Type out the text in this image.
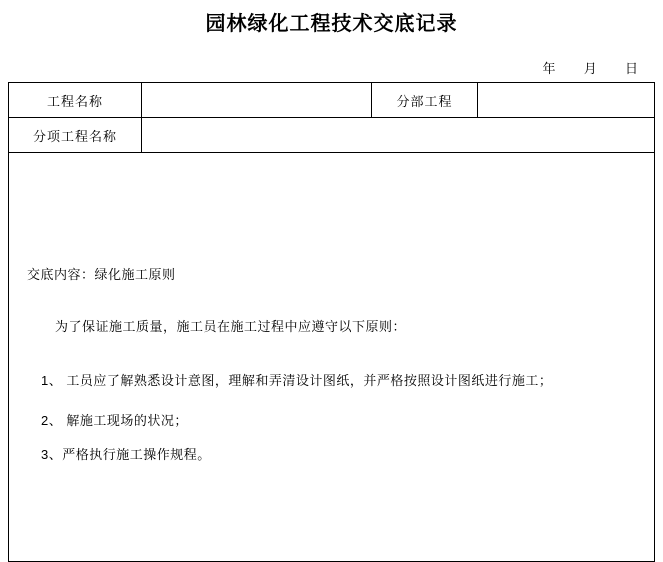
园林绿化工程技术交底记录
年 月 日
工程名称		分部工程	
分项工程名称			

交底内容：绿化施工原则

为了保证施工质量，施工员在施工过程中应遵守以下原则：

1、 工员应了解熟悉设计意图，理解和弄清设计图纸，并严格按照设计图纸进行施工；

2、 解施工现场的状况；

3、严格执行施工操作规程。			
